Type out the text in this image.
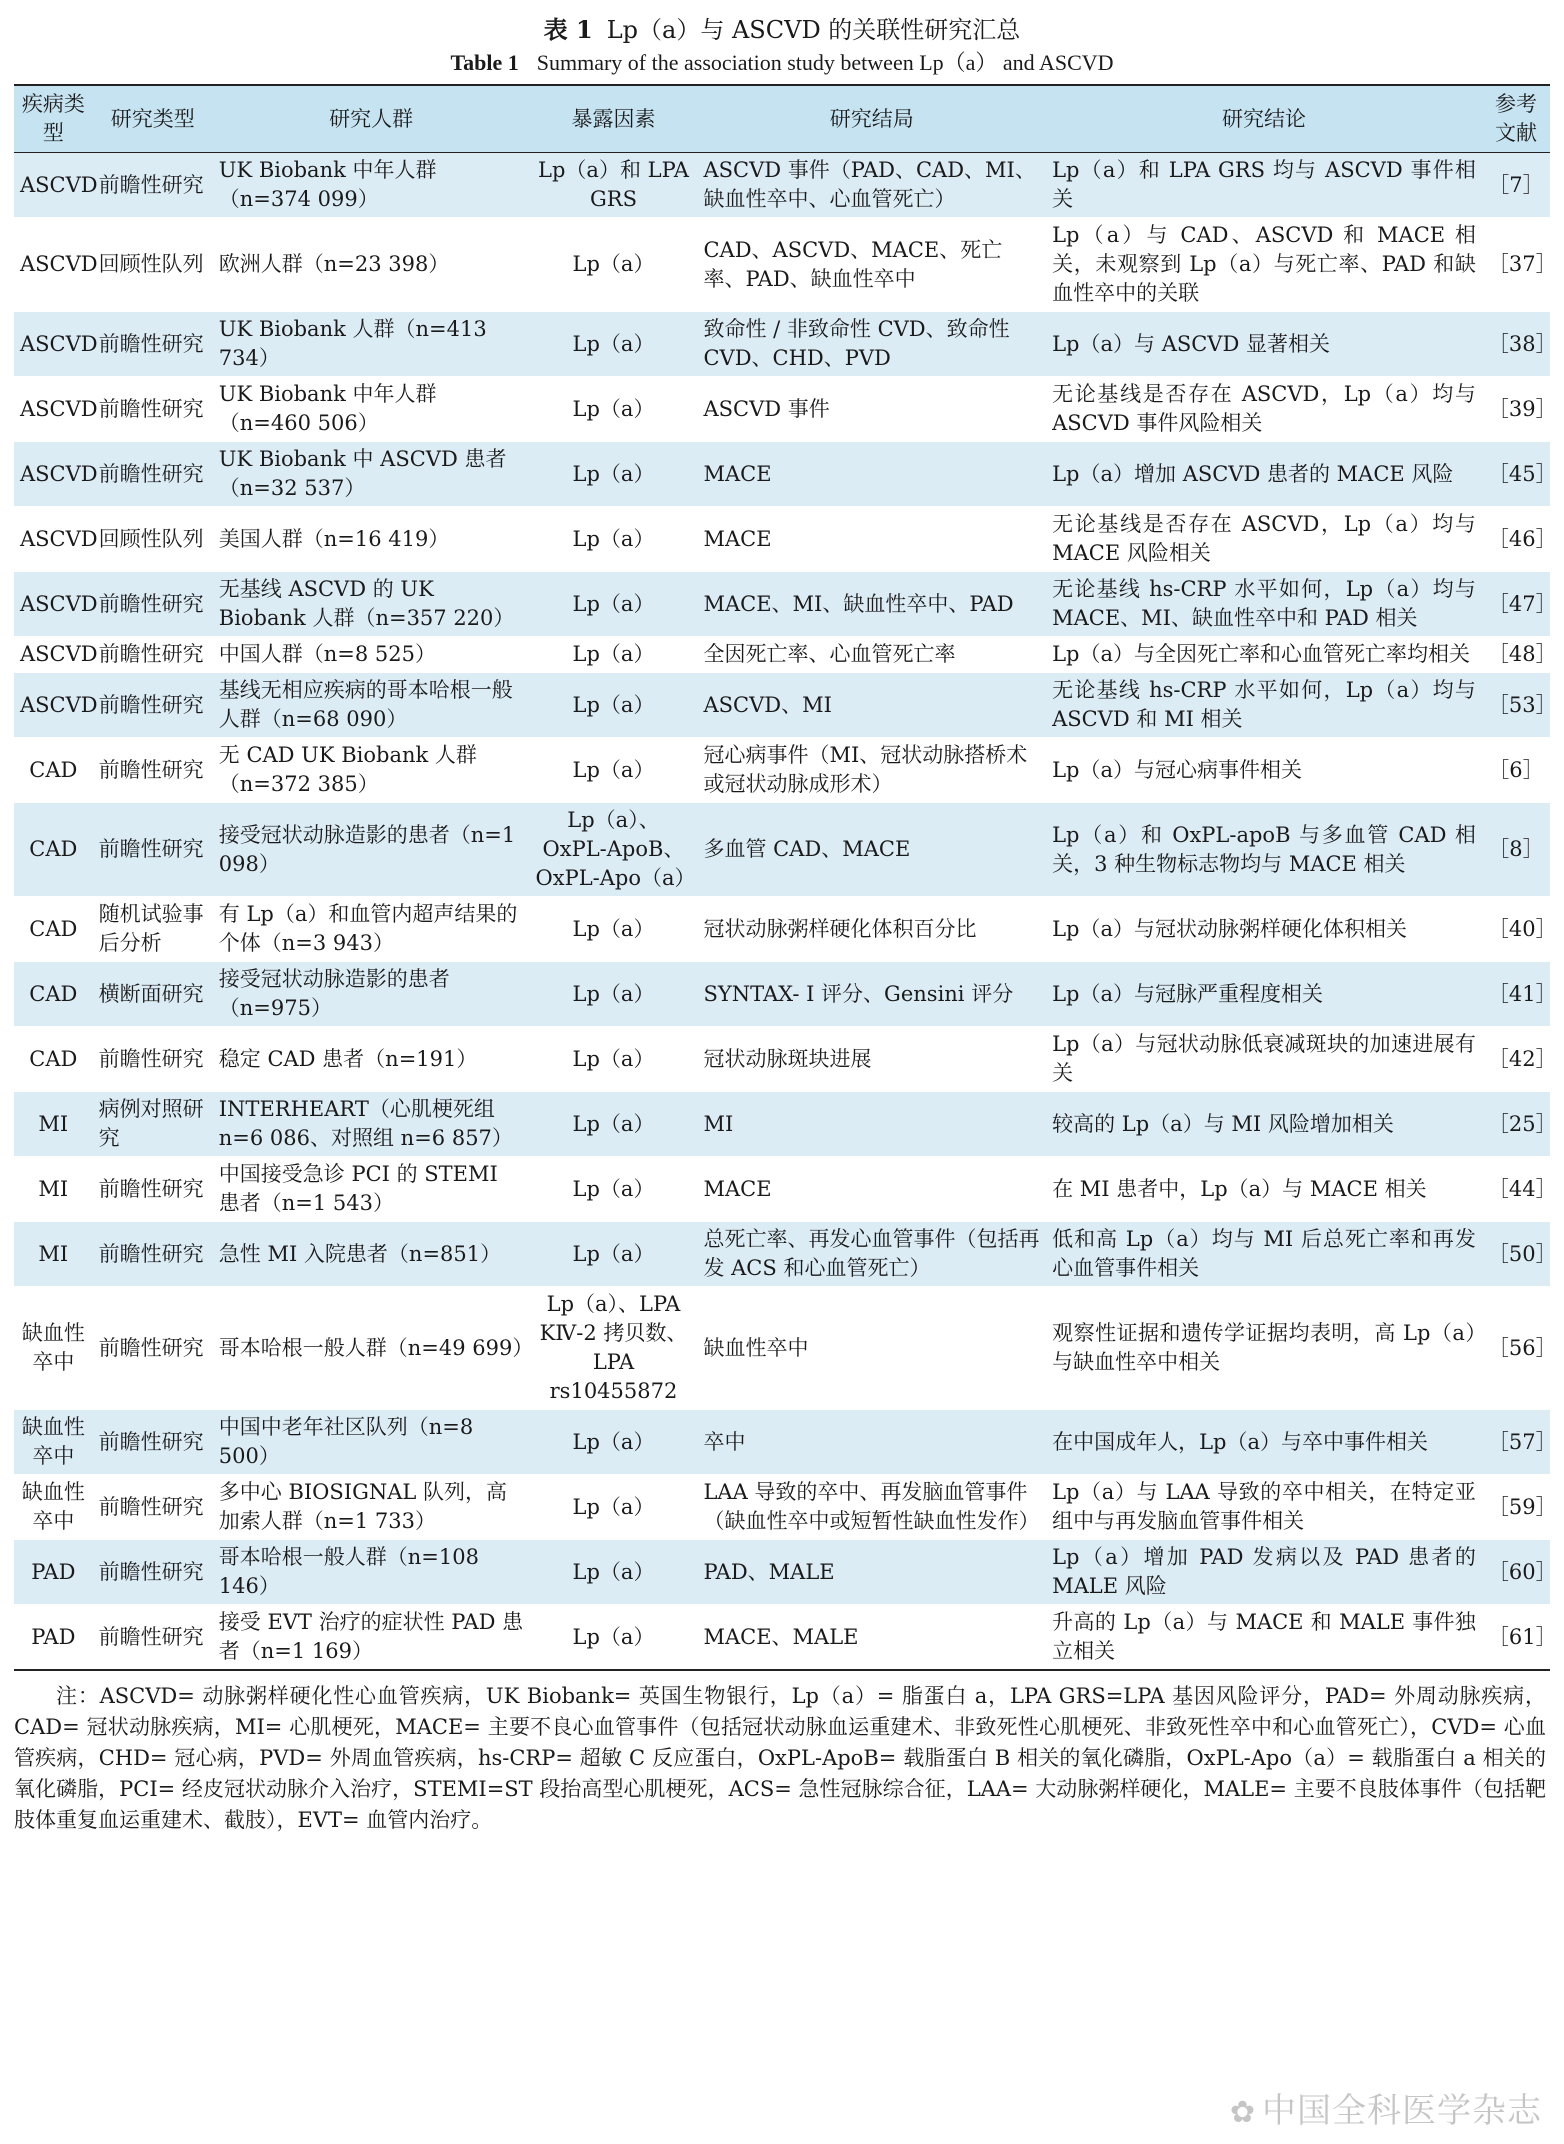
表 1 Lp（a）与 ASCVD 的关联性研究汇总
Table 1 Summary of the association study between Lp（a） and ASCVD
疾病类型	研究类型	研究人群	暴露因素	研究结局	研究结论	参考文献
ASCVD	前瞻性研究	UK Biobank 中年人群（n=374 099）	Lp（a）和 LPA GRS	ASCVD 事件（PAD、CAD、MI、缺血性卒中、心血管死亡）	Lp（a）和 LPA GRS 均与 ASCVD 事件相关	［7］
ASCVD	回顾性队列	欧洲人群（n=23 398）	Lp（a）	CAD、ASCVD、MACE、死亡率、PAD、缺血性卒中	Lp（a）与 CAD、ASCVD 和 MACE 相关，未观察到 Lp（a）与死亡率、PAD 和缺血性卒中的关联	［37］
ASCVD	前瞻性研究	UK Biobank 人群（n=413 734）	Lp（a）	致命性 / 非致命性 CVD、致命性 CVD、CHD、PVD	Lp（a）与 ASCVD 显著相关	［38］
ASCVD	前瞻性研究	UK Biobank 中年人群（n=460 506）	Lp（a）	ASCVD 事件	无论基线是否存在 ASCVD，Lp（a）均与 ASCVD 事件风险相关	［39］
ASCVD	前瞻性研究	UK Biobank 中 ASCVD 患者（n=32 537）	Lp（a）	MACE	Lp（a）增加 ASCVD 患者的 MACE 风险	［45］
ASCVD	回顾性队列	美国人群（n=16 419）	Lp（a）	MACE	无论基线是否存在 ASCVD，Lp（a）均与 MACE 风险相关	［46］
ASCVD	前瞻性研究	无基线 ASCVD 的 UK Biobank 人群（n=357 220）	Lp（a）	MACE、MI、缺血性卒中、PAD	无论基线 hs-CRP 水平如何，Lp（a）均与 MACE、MI、缺血性卒中和 PAD 相关	［47］
ASCVD	前瞻性研究	中国人群（n=8 525）	Lp（a）	全因死亡率、心血管死亡率	Lp（a）与全因死亡率和心血管死亡率均相关	［48］
ASCVD	前瞻性研究	基线无相应疾病的哥本哈根一般人群（n=68 090）	Lp（a）	ASCVD、MI	无论基线 hs-CRP 水平如何，Lp（a）均与 ASCVD 和 MI 相关	［53］
CAD	前瞻性研究	无 CAD UK Biobank 人群（n=372 385）	Lp（a）	冠心病事件（MI、冠状动脉搭桥术或冠状动脉成形术）	Lp（a）与冠心病事件相关	［6］
CAD	前瞻性研究	接受冠状动脉造影的患者（n=1 098）	Lp（a）、OxPL-ApoB、OxPL-Apo（a）	多血管 CAD、MACE	Lp（a）和 OxPL-apoB 与多血管 CAD 相关，3 种生物标志物均与 MACE 相关	［8］
CAD	随机试验事后分析	有 Lp（a）和血管内超声结果的个体（n=3 943）	Lp（a）	冠状动脉粥样硬化体积百分比	Lp（a）与冠状动脉粥样硬化体积相关	［40］
CAD	横断面研究	接受冠状动脉造影的患者（n=975）	Lp（a）	SYNTAX- Ⅰ 评分、Gensini 评分	Lp（a）与冠脉严重程度相关	［41］
CAD	前瞻性研究	稳定 CAD 患者（n=191）	Lp（a）	冠状动脉斑块进展	Lp（a）与冠状动脉低衰减斑块的加速进展有关	［42］
MI	病例对照研究	INTERHEART（心肌梗死组 n=6 086、对照组 n=6 857）	Lp（a）	MI	较高的 Lp（a）与 MI 风险增加相关	［25］
MI	前瞻性研究	中国接受急诊 PCI 的 STEMI 患者（n=1 543）	Lp（a）	MACE	在 MI 患者中，Lp（a）与 MACE 相关	［44］
MI	前瞻性研究	急性 MI 入院患者（n=851）	Lp（a）	总死亡率、再发心血管事件（包括再发 ACS 和心血管死亡）	低和高 Lp（a）均与 MI 后总死亡率和再发心血管事件相关	［50］
缺血性卒中	前瞻性研究	哥本哈根一般人群（n=49 699）	Lp（a）、LPA KⅣ-2 拷贝数、LPA rs10455872	缺血性卒中	观察性证据和遗传学证据均表明，高 Lp（a）与缺血性卒中相关	［56］
缺血性卒中	前瞻性研究	中国中老年社区队列（n=8 500）	Lp（a）	卒中	在中国成年人，Lp（a）与卒中事件相关	［57］
缺血性卒中	前瞻性研究	多中心 BIOSIGNAL 队列，高加索人群（n=1 733）	Lp（a）	LAA 导致的卒中、再发脑血管事件（缺血性卒中或短暂性缺血性发作）	Lp（a）与 LAA 导致的卒中相关，在特定亚组中与再发脑血管事件相关	［59］
PAD	前瞻性研究	哥本哈根一般人群（n=108 146）	Lp（a）	PAD、MALE	Lp（a）增加 PAD 发病以及 PAD 患者的 MALE 风险	［60］
PAD	前瞻性研究	接受 EVT 治疗的症状性 PAD 患者（n=1 169）	Lp（a）	MACE、MALE	升高的 Lp（a）与 MACE 和 MALE 事件独立相关	［61］
注：ASCVD= 动脉粥样硬化性心血管疾病，UK Biobank= 英国生物银行，Lp（a）= 脂蛋白 a，LPA GRS=LPA 基因风险评分，PAD= 外周动脉疾病，CAD= 冠状动脉疾病，MI= 心肌梗死，MACE= 主要不良心血管事件（包括冠状动脉血运重建术、非致死性心肌梗死、非致死性卒中和心血管死亡），CVD= 心血管疾病，CHD= 冠心病，PVD= 外周血管疾病，hs-CRP= 超敏 C 反应蛋白，OxPL-ApoB= 载脂蛋白 B 相关的氧化磷脂，OxPL-Apo（a）= 载脂蛋白 a 相关的氧化磷脂，PCI= 经皮冠状动脉介入治疗，STEMI=ST 段抬高型心肌梗死，ACS= 急性冠脉综合征，LAA= 大动脉粥样硬化，MALE= 主要不良肢体事件（包括靶肢体重复血运重建术、截肢），EVT= 血管内治疗。
✿ 中国全科医学杂志
